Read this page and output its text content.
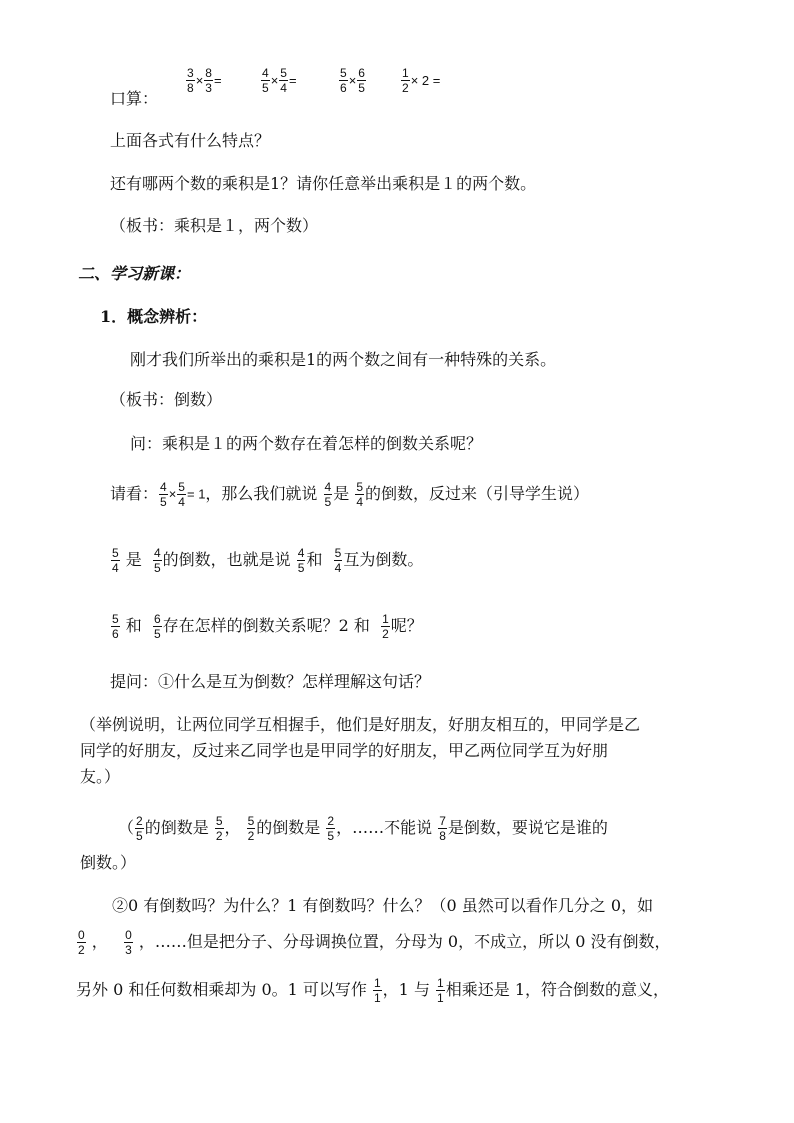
口算：
$\frac{3}{8} \times \frac{8}{3}$ =	$\frac{4}{5} \times \frac{5}{4}$ =	$\frac{5}{6} \times \frac{6}{5}$	$\frac{1}{2} \times 2$ =
上面各式有什么特点？
还有哪两个数的乘积是1？请你任意举出乘积是１的两个数。
（板书：乘积是１，两个数）
二、学习新课：
1．概念辨析：
刚才我们所举出的乘积是1的两个数之间有一种特殊的关系。
（板书：倒数）
问：乘积是１的两个数存在着怎样的倒数关系呢？
请看： $\frac{4}{5} \times \frac{5}{4} = 1$，那么我们就说 $\frac{4}{5}$ 是 $\frac{5}{4}$ 的倒数，反过来（引导学生说）
$\frac{5}{4}$ 是 $\frac{4}{5}$ 的倒数，也就是说 $\frac{4}{5}$ 和 $\frac{5}{4}$ 互为倒数。
$\frac{5}{6}$ 和 $\frac{6}{5}$ 存在怎样的倒数关系呢？2 和 $\frac{1}{2}$ 呢？
提问：①什么是互为倒数？怎样理解这句话？
（举例说明，让两位同学互相握手，他们是好朋友，好朋友相互的，甲同学是乙
同学的好朋友，反过来乙同学也是甲同学的好朋友，甲乙两位同学互为好朋
友。）
（ $\frac{2}{5}$ 的倒数是 $\frac{5}{2}$ ， $\frac{5}{2}$ 的倒数是 $\frac{2}{5}$ ，……不能说 $\frac{7}{8}$ 是倒数，要说它是谁的
倒数。）
②0 有倒数吗？为什么？1 有倒数吗？什么？（0 虽然可以看作几分之 0，如
$\frac{0}{2}$ ， $\frac{0}{3}$ ，……但是把分子、分母调换位置，分母为 0，不成立，所以 0 没有倒数，
另外 0 和任何数相乘却为 0。1 可以写作 $\frac{1}{1}$ ，1 与 $\frac{1}{1}$ 相乘还是 1，符合倒数的意义，
